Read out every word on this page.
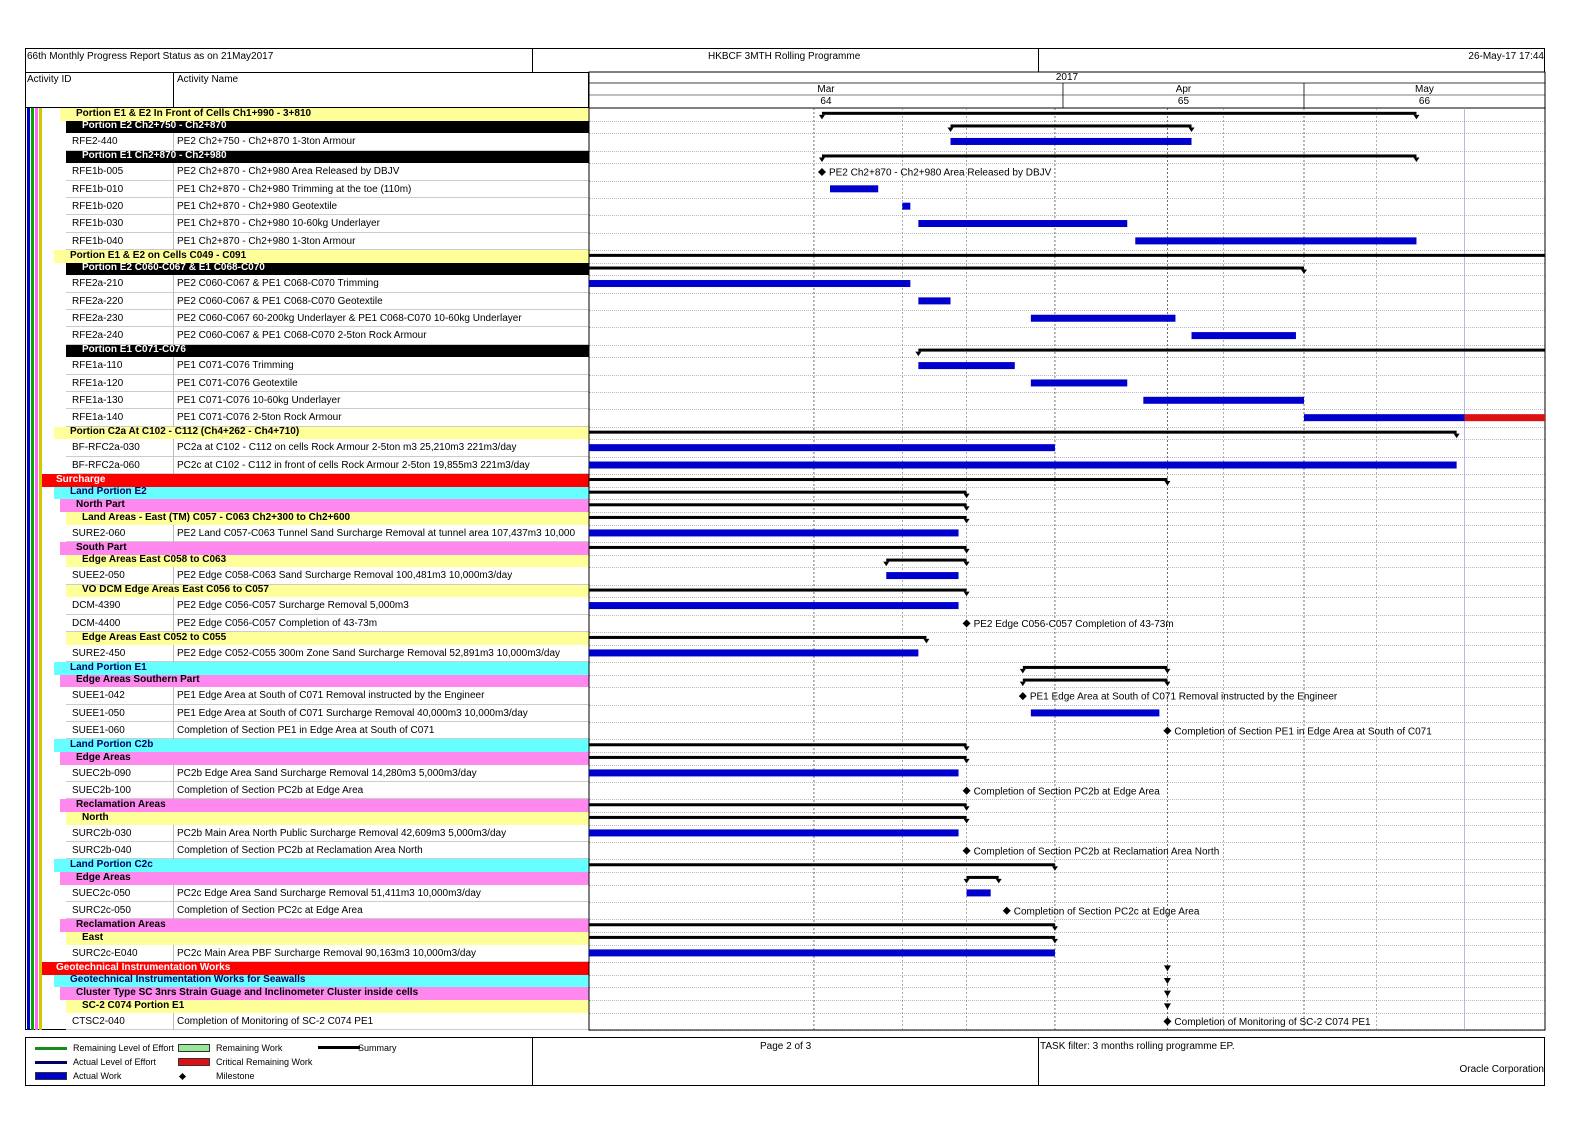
66th Monthly Progress Report Status as on 21May2017	HKBCF 3MTH Rolling Programme	26-May-17 17:44
Activity ID	Activity Name
Portion E1 & E2 In Front of Cells Ch1+990 - 3+810
Portion E2 Ch2+750 - Ch2+870
RFE2-440	PE2 Ch2+750 - Ch2+870 1-3ton Armour
Portion E1 Ch2+870 - Ch2+980
RFE1b-005	PE2 Ch2+870 - Ch2+980 Area Released by DBJV
RFE1b-010	PE1 Ch2+870 - Ch2+980 Trimming at the toe (110m)
RFE1b-020	PE1 Ch2+870 - Ch2+980 Geotextile
RFE1b-030	PE1 Ch2+870 - Ch2+980 10-60kg Underlayer
RFE1b-040	PE1 Ch2+870 - Ch2+980 1-3ton Armour
Portion E1 & E2 on Cells C049 - C091
Portion E2 C060-C067 & E1 C068-C070
RFE2a-210	PE2 C060-C067 & PE1 C068-C070 Trimming
RFE2a-220	PE2 C060-C067 & PE1 C068-C070 Geotextile
RFE2a-230	PE2 C060-C067 60-200kg Underlayer & PE1 C068-C070 10-60kg Underlayer
RFE2a-240	PE2 C060-C067 & PE1 C068-C070 2-5ton Rock Armour
Portion E1 C071-C076
RFE1a-110	PE1 C071-C076 Trimming
RFE1a-120	PE1 C071-C076 Geotextile
RFE1a-130	PE1 C071-C076 10-60kg Underlayer
RFE1a-140	PE1 C071-C076 2-5ton Rock Armour
Portion C2a At C102 - C112 (Ch4+262 - Ch4+710)
BF-RFC2a-030	PC2a at C102 - C112 on cells Rock Armour 2-5ton m3 25,210m3 221m3/day
BF-RFC2a-060	PC2c at C102 - C112 in front of cells Rock Armour 2-5ton 19,855m3 221m3/day
Surcharge
Land Portion E2
North Part
Land Areas - East (TM) C057 - C063 Ch2+300 to Ch2+600
SURE2-060	PE2 Land C057-C063 Tunnel Sand Surcharge Removal at tunnel area 107,437m3 10,000
South Part
Edge Areas East C058 to C063
SUEE2-050	PE2 Edge C058-C063 Sand Surcharge Removal 100,481m3 10,000m3/day
VO DCM Edge Areas East C056 to C057
DCM-4390	PE2 Edge C056-C057 Surcharge Removal 5,000m3
DCM-4400	PE2 Edge C056-C057 Completion of 43-73m
Edge Areas East C052 to C055
SURE2-450	PE2 Edge C052-C055 300m Zone Sand Surcharge Removal 52,891m3 10,000m3/day
Land Portion E1
Edge Areas Southern Part
SUEE1-042	PE1 Edge Area at South of C071 Removal instructed by the Engineer
SUEE1-050	PE1 Edge Area at South of C071 Surcharge Removal 40,000m3 10,000m3/day
SUEE1-060	Completion of Section PE1 in Edge Area at South of C071
Land Portion C2b
Edge Areas
SUEC2b-090	PC2b Edge Area Sand Surcharge Removal 14,280m3 5,000m3/day
SUEC2b-100	Completion of Section PC2b at Edge Area
Reclamation Areas
North
SURC2b-030	PC2b Main Area North Public Surcharge Removal 42,609m3 5,000m3/day
SURC2b-040	Completion of Section PC2b at Reclamation Area North
Land Portion C2c
Edge Areas
SUEC2c-050	PC2c Edge Area Sand Surcharge Removal 51,411m3 10,000m3/day
SURC2c-050	Completion of Section PC2c at Edge Area
Reclamation Areas
East
SURC2c-E040	PC2c Main Area PBF Surcharge Removal 90,163m3 10,000m3/day
Geotechnical Instrumentation Works
Geotechnical Instrumentation Works for Seawalls
Cluster Type SC 3nrs Strain Guage and Inclinometer Cluster inside cells
SC-2 C074 Portion E1
CTSC2-040	Completion of Monitoring of SC-2 C074 PE1
2017
Mar
64
Apr
65
May
66
PE2 Ch2+870 - Ch2+980 Area Released by DBJV
PE2 Edge C056-C057 Completion of 43-73m
PE1 Edge Area at South of C071 Removal instructed by the Engineer
Completion of Section PE1 in Edge Area at South of C071
Completion of Section PC2b at Edge Area
Completion of Section PC2b at Reclamation Area North
Completion of Section PC2c at Edge Area
Completion of Monitoring of SC-2 C074 PE1
Remaining Level of Effort
Actual Level of Effort
Actual Work
Remaining Work
Critical Remaining Work
Milestone
Summary	Page 2 of 3	TASK filter: 3 months rolling programme EP.
Oracle Corporation
